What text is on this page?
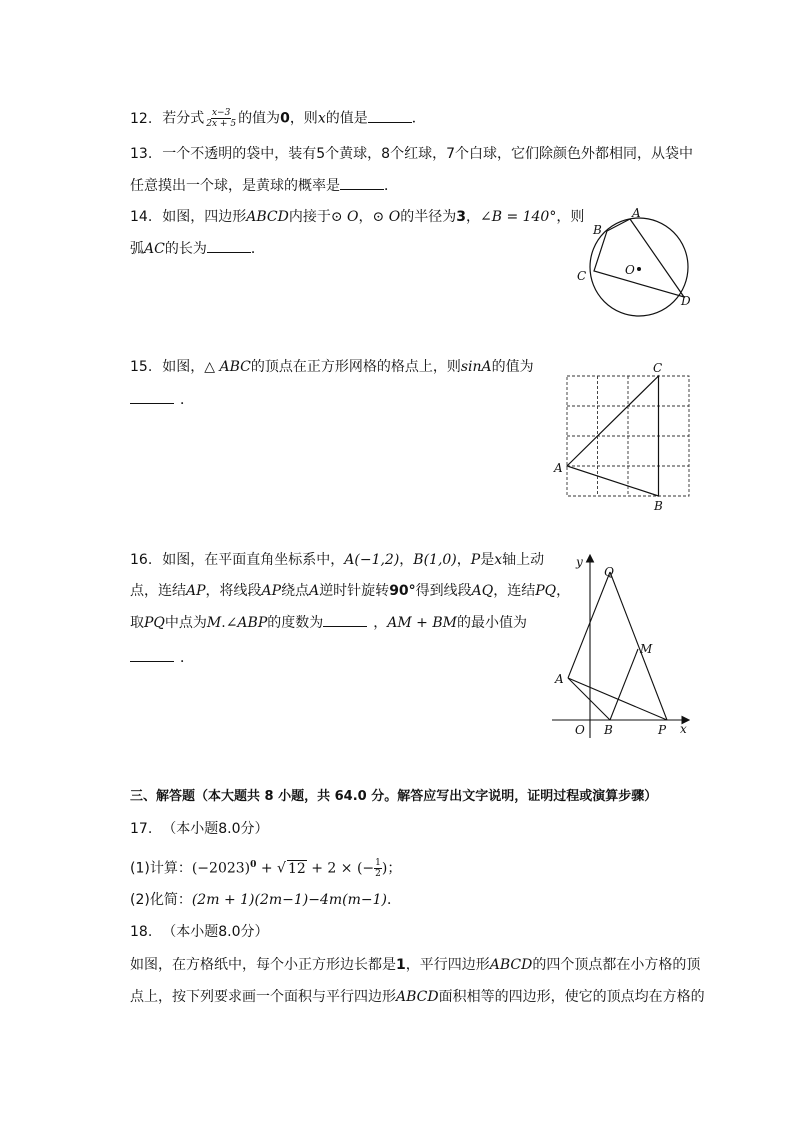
12. 若分式 $\frac{x-3}{2x + 5}$ 的值为0，则x的值是	．
13. 一个不透明的袋中，装有5个黄球，8个红球，7个白球，它们除颜色外都相同，从袋中
任意摸出一个球，是黄球的概率是	．
14. 如图，四边形ABCD内接于⊙ O，⊙ O的半径为3，∠B = 140°，则
弧AC的长为	．
A
B
C
D
O
15. 如图，△ ABC的顶点在正方形网格的格点上，则sinA的值为
．
A
B
C
16. 如图，在平面直角坐标系中，A(−1,2)，B(1,0)，P是x轴上动
点，连结AP，将线段AP绕点A逆时针旋转90°得到线段AQ，连结PQ，
取PQ中点为M.∠ABP的度数为	，AM + BM的最小值为
．
y
Q
M
A
O B	P x
三、解答题（本大题共 8 小题，共 64.0 分。解答应写出文字说明，证明过程或演算步骤）
17. （本小题8.0分）
(1)计算：$(-2023)^0$ + √ 12 + 2 × (− $\frac{1}{2}$ )；
(2)化简：(2m + 1)(2m−1)−4m(m−1)．
18. （本小题8.0分）
如图，在方格纸中，每个小正方形边长都是1，平行四边形ABCD的四个顶点都在小方格的顶
点上，按下列要求画一个面积与平行四边形ABCD面积相等的四边形，使它的顶点均在方格的
